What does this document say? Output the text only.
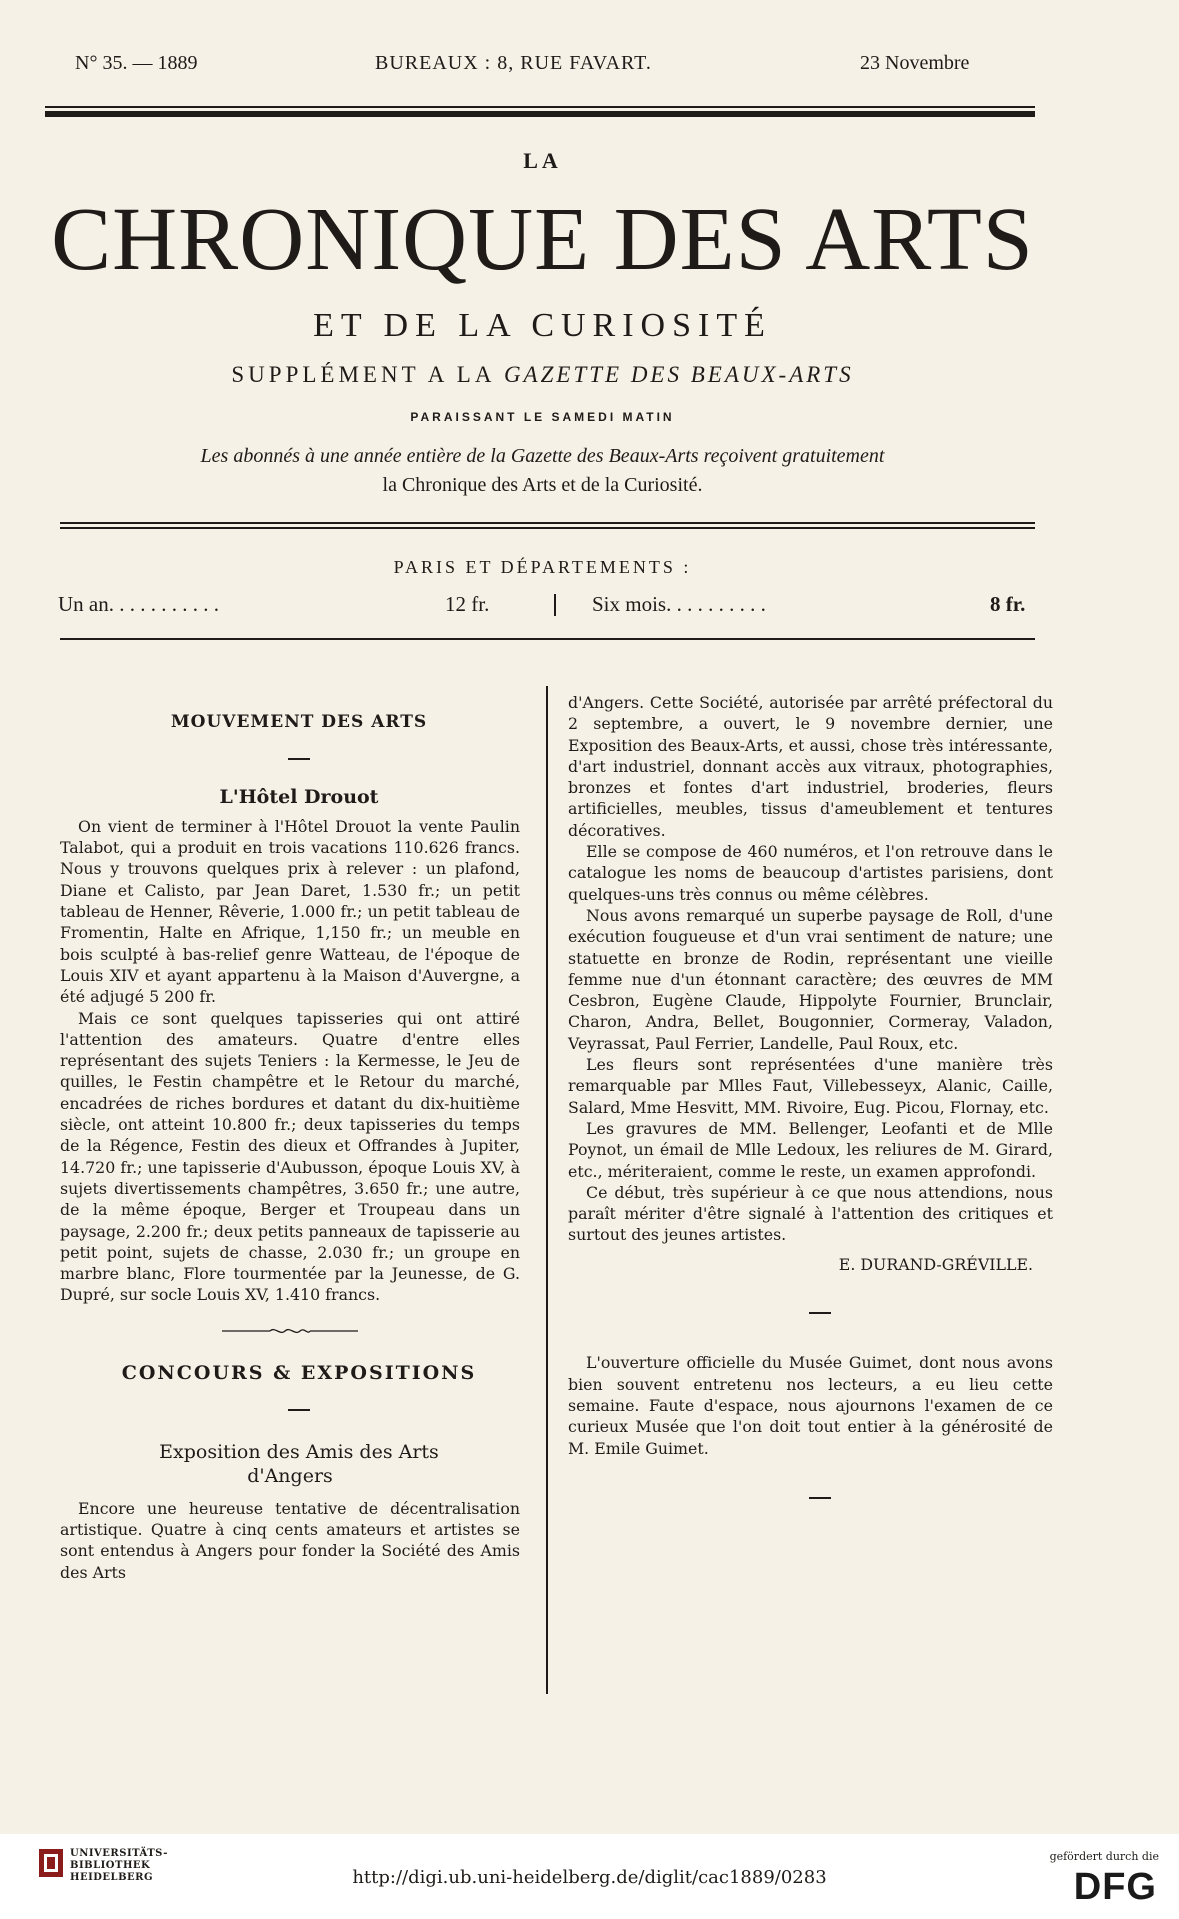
N° 35. — 1889	BUREAUX : 8, RUE FAVART.	23 Novembre
LA
CHRONIQUE DES ARTS
ET DE LA CURIOSITÉ
SUPPLÉMENT A LA GAZETTE DES BEAUX-ARTS
PARAISSANT LE SAMEDI MATIN
Les abonnés à une année entière de la Gazette des Beaux-Arts reçoivent gratuitement
la Chronique des Arts et de la Curiosité.
PARIS ET DÉPARTEMENTS :
Un an. . . . . . . . . . .	12 fr.	Six mois. . . . . . . . . .	8 fr.

MOUVEMENT DES ARTS

L'Hôtel Drouot

On vient de terminer à l'Hôtel Drouot la vente Paulin Talabot, qui a produit en trois vacations 110.626 francs. Nous y trouvons quelques prix à relever : un plafond, Diane et Calisto, par Jean Daret, 1.530 fr.; un petit tableau de Henner, Rêverie, 1.000 fr.; un petit tableau de Fromentin, Halte en Afrique, 1,150 fr.; un meuble en bois sculpté à bas-relief genre Watteau, de l'époque de Louis XIV et ayant appartenu à la Maison d'Auvergne, a été adjugé 5 200 fr.

Mais ce sont quelques tapisseries qui ont attiré l'attention des amateurs. Quatre d'entre elles représentant des sujets Teniers : la Kermesse, le Jeu de quilles, le Festin champêtre et le Retour du marché, encadrées de riches bordures et datant du dix-huitième siècle, ont atteint 10.800 fr.; deux tapisseries du temps de la Régence, Festin des dieux et Offrandes à Jupiter, 14.720 fr.; une tapisserie d'Aubusson, époque Louis XV, à sujets divertissements champêtres, 3.650 fr.; une autre, de la même époque, Berger et Troupeau dans un paysage, 2.200 fr.; deux petits panneaux de tapisserie au petit point, sujets de chasse, 2.030 fr.; un groupe en marbre blanc, Flore tourmentée par la Jeunesse, de G. Dupré, sur socle Louis XV, 1.410 francs.

CONCOURS & EXPOSITIONS

Exposition des Amis des Arts d'Angers

Encore une heureuse tentative de décentralisation artistique. Quatre à cinq cents amateurs et artistes se sont entendus à Angers pour fonder la Société des Amis des Arts

d'Angers. Cette Société, autorisée par arrêté préfectoral du 2 septembre, a ouvert, le 9 novembre dernier, une Exposition des Beaux-Arts, et aussi, chose très intéressante, d'art industriel, donnant accès aux vitraux, photographies, bronzes et fontes d'art industriel, broderies, fleurs artificielles, meubles, tissus d'ameublement et tentures décoratives.

Elle se compose de 460 numéros, et l'on retrouve dans le catalogue les noms de beaucoup d'artistes parisiens, dont quelques-uns très connus ou même célèbres.

Nous avons remarqué un superbe paysage de Roll, d'une exécution fougueuse et d'un vrai sentiment de nature; une statuette en bronze de Rodin, représentant une vieille femme nue d'un étonnant caractère; des œuvres de MM Cesbron, Eugène Claude, Hippolyte Fournier, Brunclair, Charon, Andra, Bellet, Bougonnier, Cormeray, Valadon, Veyrassat, Paul Ferrier, Landelle, Paul Roux, etc.

Les fleurs sont représentées d'une manière très remarquable par Mlles Faut, Villebesseyx, Alanic, Caille, Salard, Mme Hesvitt, MM. Rivoire, Eug. Picou, Flornay, etc.

Les gravures de MM. Bellenger, Leofanti et de Mlle Poynot, un émail de Mlle Ledoux, les reliures de M. Girard, etc., mériteraient, comme le reste, un examen approfondi.

Ce début, très supérieur à ce que nous attendions, nous paraît mériter d'être signalé à l'attention des critiques et surtout des jeunes artistes.

E. DURAND-GRÉVILLE.

L'ouverture officielle du Musée Guimet, dont nous avons bien souvent entretenu nos lecteurs, a eu lieu cette semaine. Faute d'espace, nous ajournons l'examen de ce curieux Musée que l'on doit tout entier à la générosité de M. Emile Guimet.

UNIVERSITÄTS-
BIBLIOTHEK
HEIDELBERG	http://digi.ub.uni-heidelberg.de/diglit/cac1889/0283
gefördert durch die
DFG
